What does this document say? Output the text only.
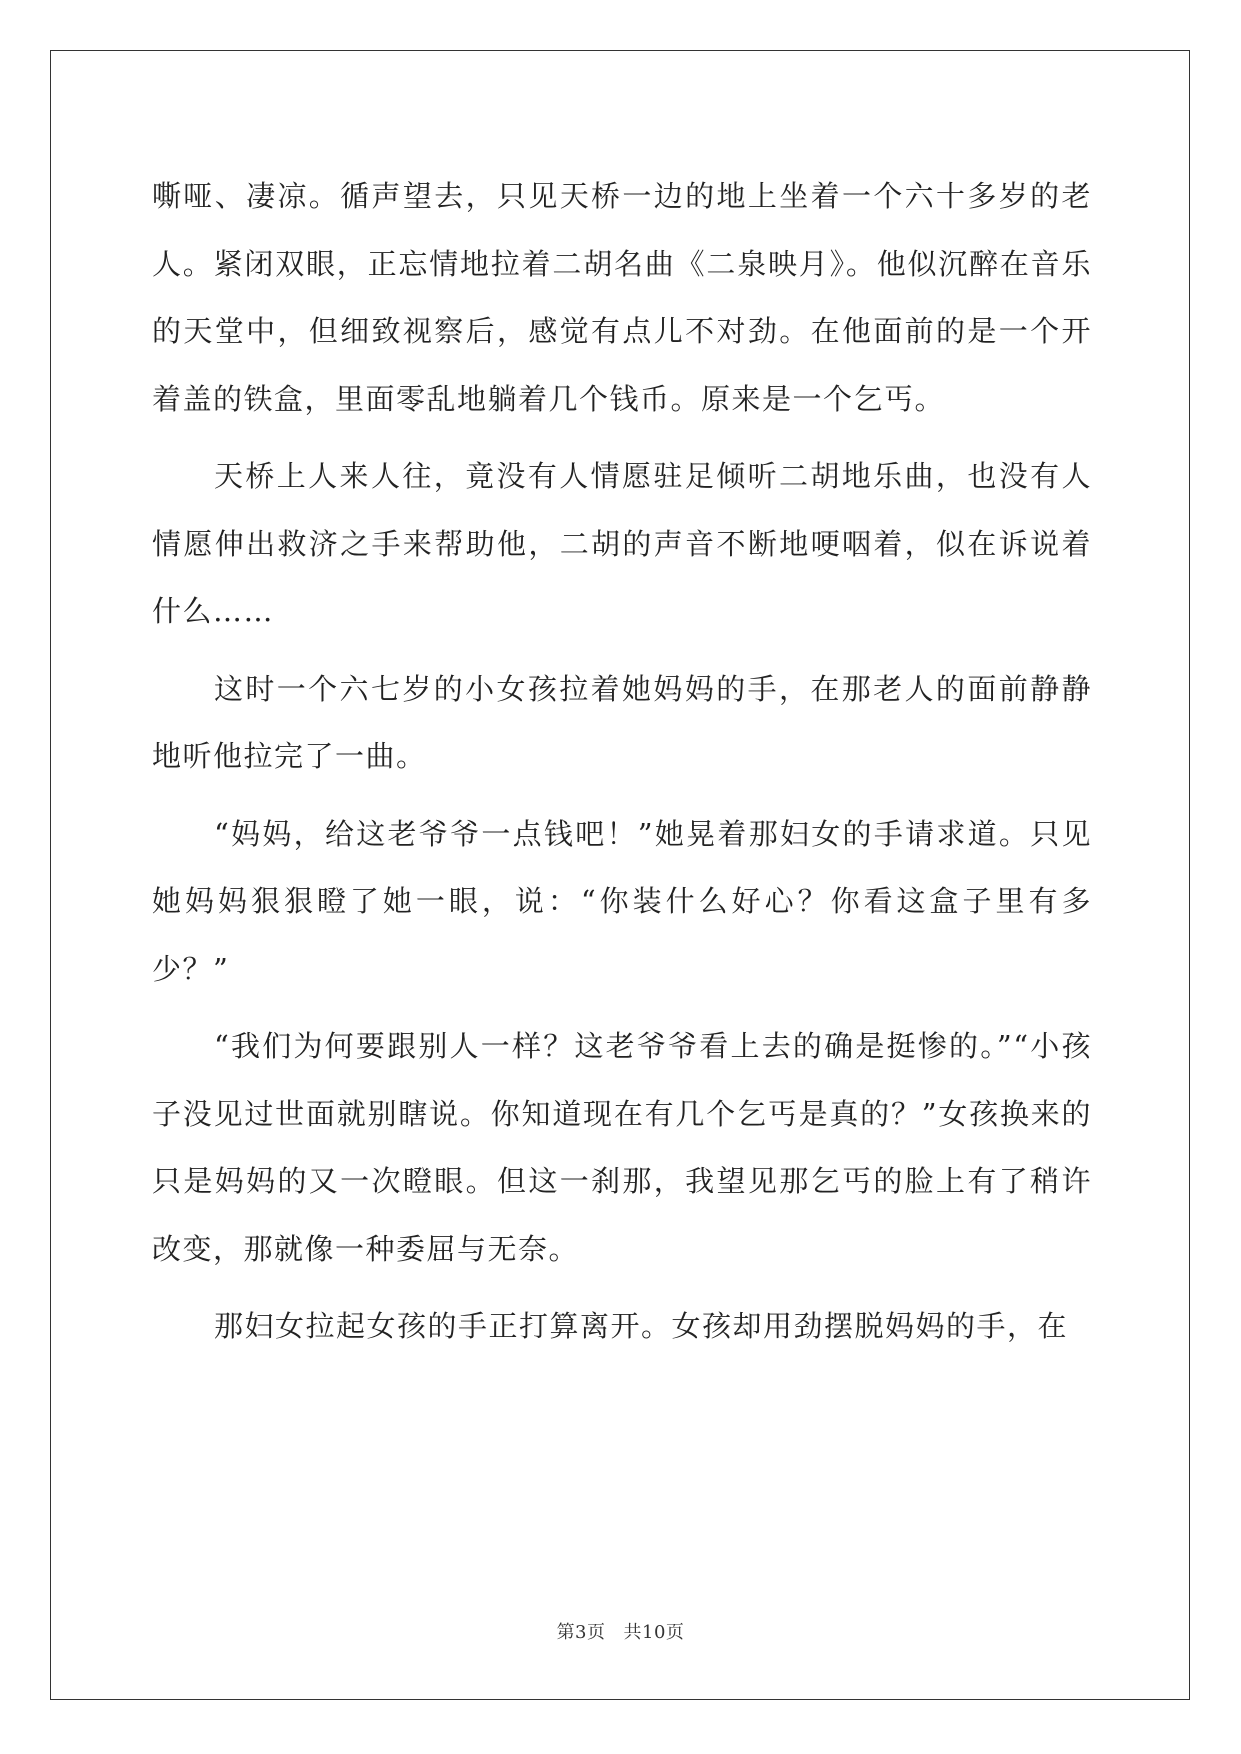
嘶哑、凄凉。循声望去，只见天桥一边的地上坐着一个六十多岁的老人。紧闭双眼，正忘情地拉着二胡名曲《二泉映月》。他似沉醉在音乐的天堂中，但细致视察后，感觉有点儿不对劲。在他面前的是一个开着盖的铁盒，里面零乱地躺着几个钱币。原来是一个乞丐。

天桥上人来人往，竟没有人情愿驻足倾听二胡地乐曲，也没有人情愿伸出救济之手来帮助他，二胡的声音不断地哽咽着，似在诉说着什么……

这时一个六七岁的小女孩拉着她妈妈的手，在那老人的面前静静地听他拉完了一曲。

“妈妈，给这老爷爷一点钱吧！”她晃着那妇女的手请求道。只见她妈妈狠狠瞪了她一眼，说：“你装什么好心？你看这盒子里有多少？”

“我们为何要跟别人一样？这老爷爷看上去的确是挺惨的。”“小孩子没见过世面就别瞎说。你知道现在有几个乞丐是真的？”女孩换来的只是妈妈的又一次瞪眼。但这一刹那，我望见那乞丐的脸上有了稍许改变，那就像一种委屈与无奈。

那妇女拉起女孩的手正打算离开。女孩却用劲摆脱妈妈的手，在

第3页 共10页
